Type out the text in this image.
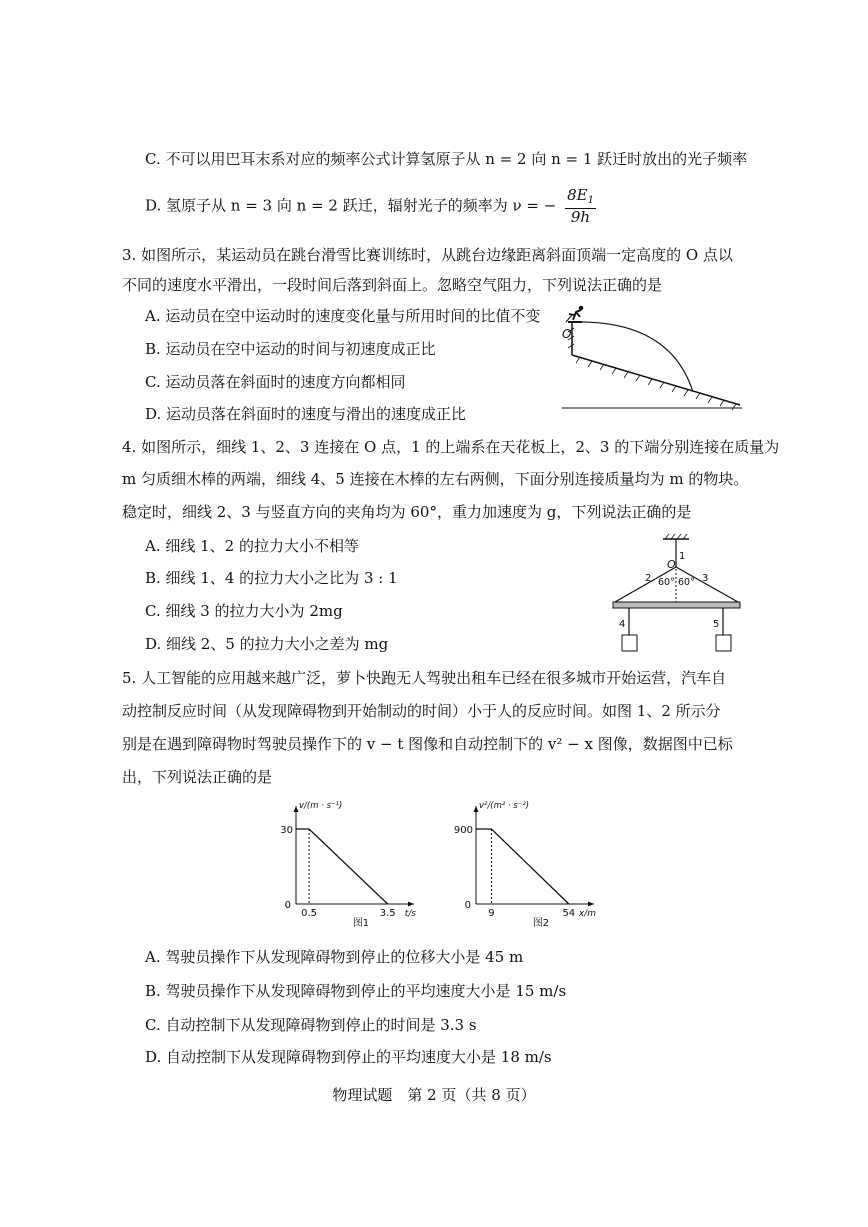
C. 不可以用巴耳末系对应的频率公式计算氢原子从 n = 2 向 n = 1 跃迁时放出的光子频率
D. 氢原子从 n = 3 向 n = 2 跃迁，辐射光子的频率为 ν = − $\frac{8E_1}{9h}$
3. 如图所示，某运动员在跳台滑雪比赛训练时，从跳台边缘距离斜面顶端一定高度的 O 点以
不同的速度水平滑出，一段时间后落到斜面上。忽略空气阻力，下列说法正确的是
A. 运动员在空中运动时的速度变化量与所用时间的比值不变
B. 运动员在空中运动的时间与初速度成正比
C. 运动员落在斜面时的速度方向都相同
D. 运动员落在斜面时的速度与滑出的速度成正比
O
4. 如图所示，细线 1、2、3 连接在 O 点，1 的上端系在天花板上，2、3 的下端分别连接在质量为
m 匀质细木棒的两端，细线 4、5 连接在木棒的左右两侧，下面分别连接质量均为 m 的物块。
稳定时，细线 2、3 与竖直方向的夹角均为 60°，重力加速度为 g，下列说法正确的是
A. 细线 1、2 的拉力大小不相等
B. 细线 1、4 的拉力大小之比为 3 : 1
C. 细线 3 的拉力大小为 2mg
D. 细线 2、5 的拉力大小之差为 mg
O
1
2	3
4	5
60° 60°
5. 人工智能的应用越来越广泛，萝卜快跑无人驾驶出租车已经在很多城市开始运营，汽车自
动控制反应时间（从发现障碍物到开始制动的时间）小于人的反应时间。如图 1、2 所示分
别是在遇到障碍物时驾驶员操作下的 v − t 图像和自动控制下的 v² − x 图像，数据图中已标
出，下列说法正确的是
0.5	3.5
30
0
v/(m · s⁻¹)
t/s
图1
9	54
900
0
v²/(m² · s⁻²)
x/m
图2
A. 驾驶员操作下从发现障碍物到停止的位移大小是 45 m
B. 驾驶员操作下从发现障碍物到停止的平均速度大小是 15 m/s
C. 自动控制下从发现障碍物到停止的时间是 3.3 s
D. 自动控制下从发现障碍物到停止的平均速度大小是 18 m/s
物理试题　第 2 页（共 8 页）
